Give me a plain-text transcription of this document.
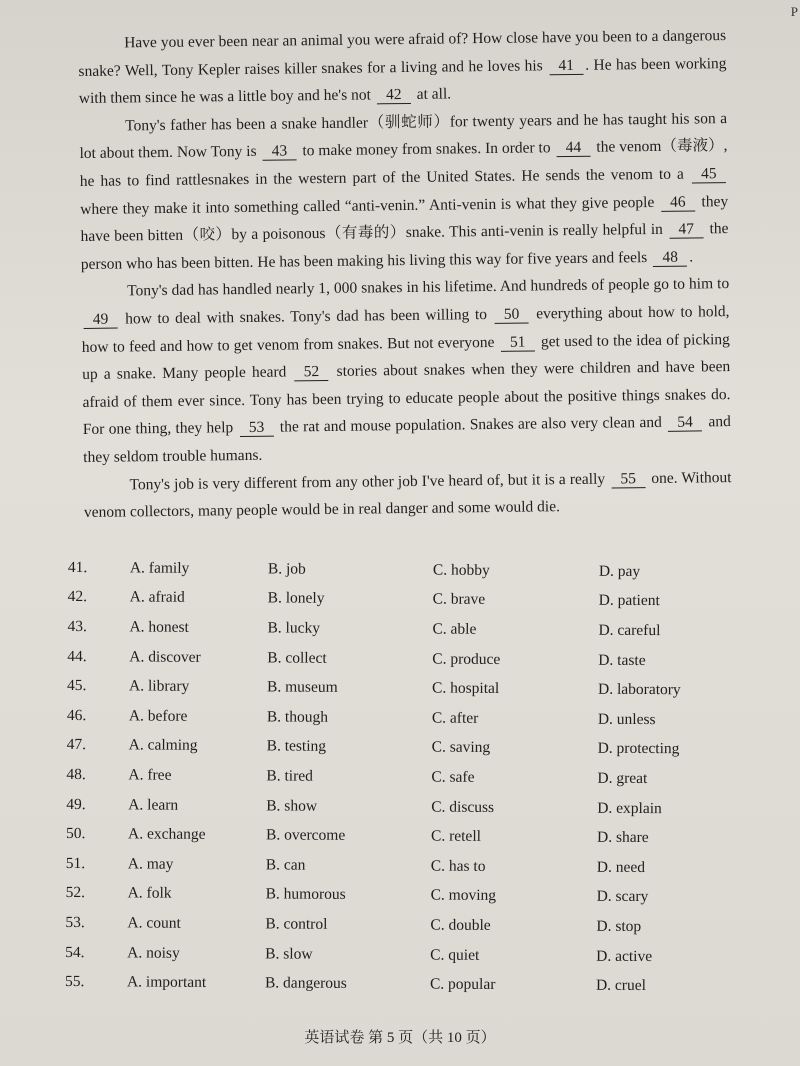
P

Have you ever been near an animal you were afraid of? How close have you been to a dangerous snake? Well, Tony Kepler raises killer snakes for a living and he loves his 41 . He has been working with them since he was a little boy and he's not 42 at all.

Tony's father has been a snake handler（驯蛇师）for twenty years and he has taught his son a lot about them. Now Tony is 43 to make money from snakes. In order to 44 the venom（毒液）, he has to find rattlesnakes in the western part of the United States. He sends the venom to a 45 where they make it into something called “anti-venin.” Anti-venin is what they give people 46 they have been bitten（咬）by a poisonous（有毒的）snake. This anti-venin is really helpful in 47 the person who has been bitten. He has been making his living this way for five years and feels 48 .

Tony's dad has handled nearly 1, 000 snakes in his lifetime. And hundreds of people go to him to 49 how to deal with snakes. Tony's dad has been willing to 50 everything about how to hold, how to feed and how to get venom from snakes. But not everyone 51 get used to the idea of picking up a snake. Many people heard 52 stories about snakes when they were children and have been afraid of them ever since. Tony has been trying to educate people about the positive things snakes do. For one thing, they help 53 the rat and mouse population. Snakes are also very clean and 54 and they seldom trouble humans.

Tony's job is very different from any other job I've heard of, but it is a really 55 one. Without venom collectors, many people would be in real danger and some would die.

41.	A. family	B. job	C. hobby	D. pay
42.	A. afraid	B. lonely	C. brave	D. patient
43.	A. honest	B. lucky	C. able	D. careful
44.	A. discover	B. collect	C. produce	D. taste
45.	A. library	B. museum	C. hospital	D. laboratory
46.	A. before	B. though	C. after	D. unless
47.	A. calming	B. testing	C. saving	D. protecting
48.	A. free	B. tired	C. safe	D. great
49.	A. learn	B. show	C. discuss	D. explain
50.	A. exchange	B. overcome	C. retell	D. share
51.	A. may	B. can	C. has to	D. need
52.	A. folk	B. humorous	C. moving	D. scary
53.	A. count	B. control	C. double	D. stop
54.	A. noisy	B. slow	C. quiet	D. active
55.	A. important	B. dangerous	C. popular	D. cruel
英语试卷 第 5 页（共 10 页）
